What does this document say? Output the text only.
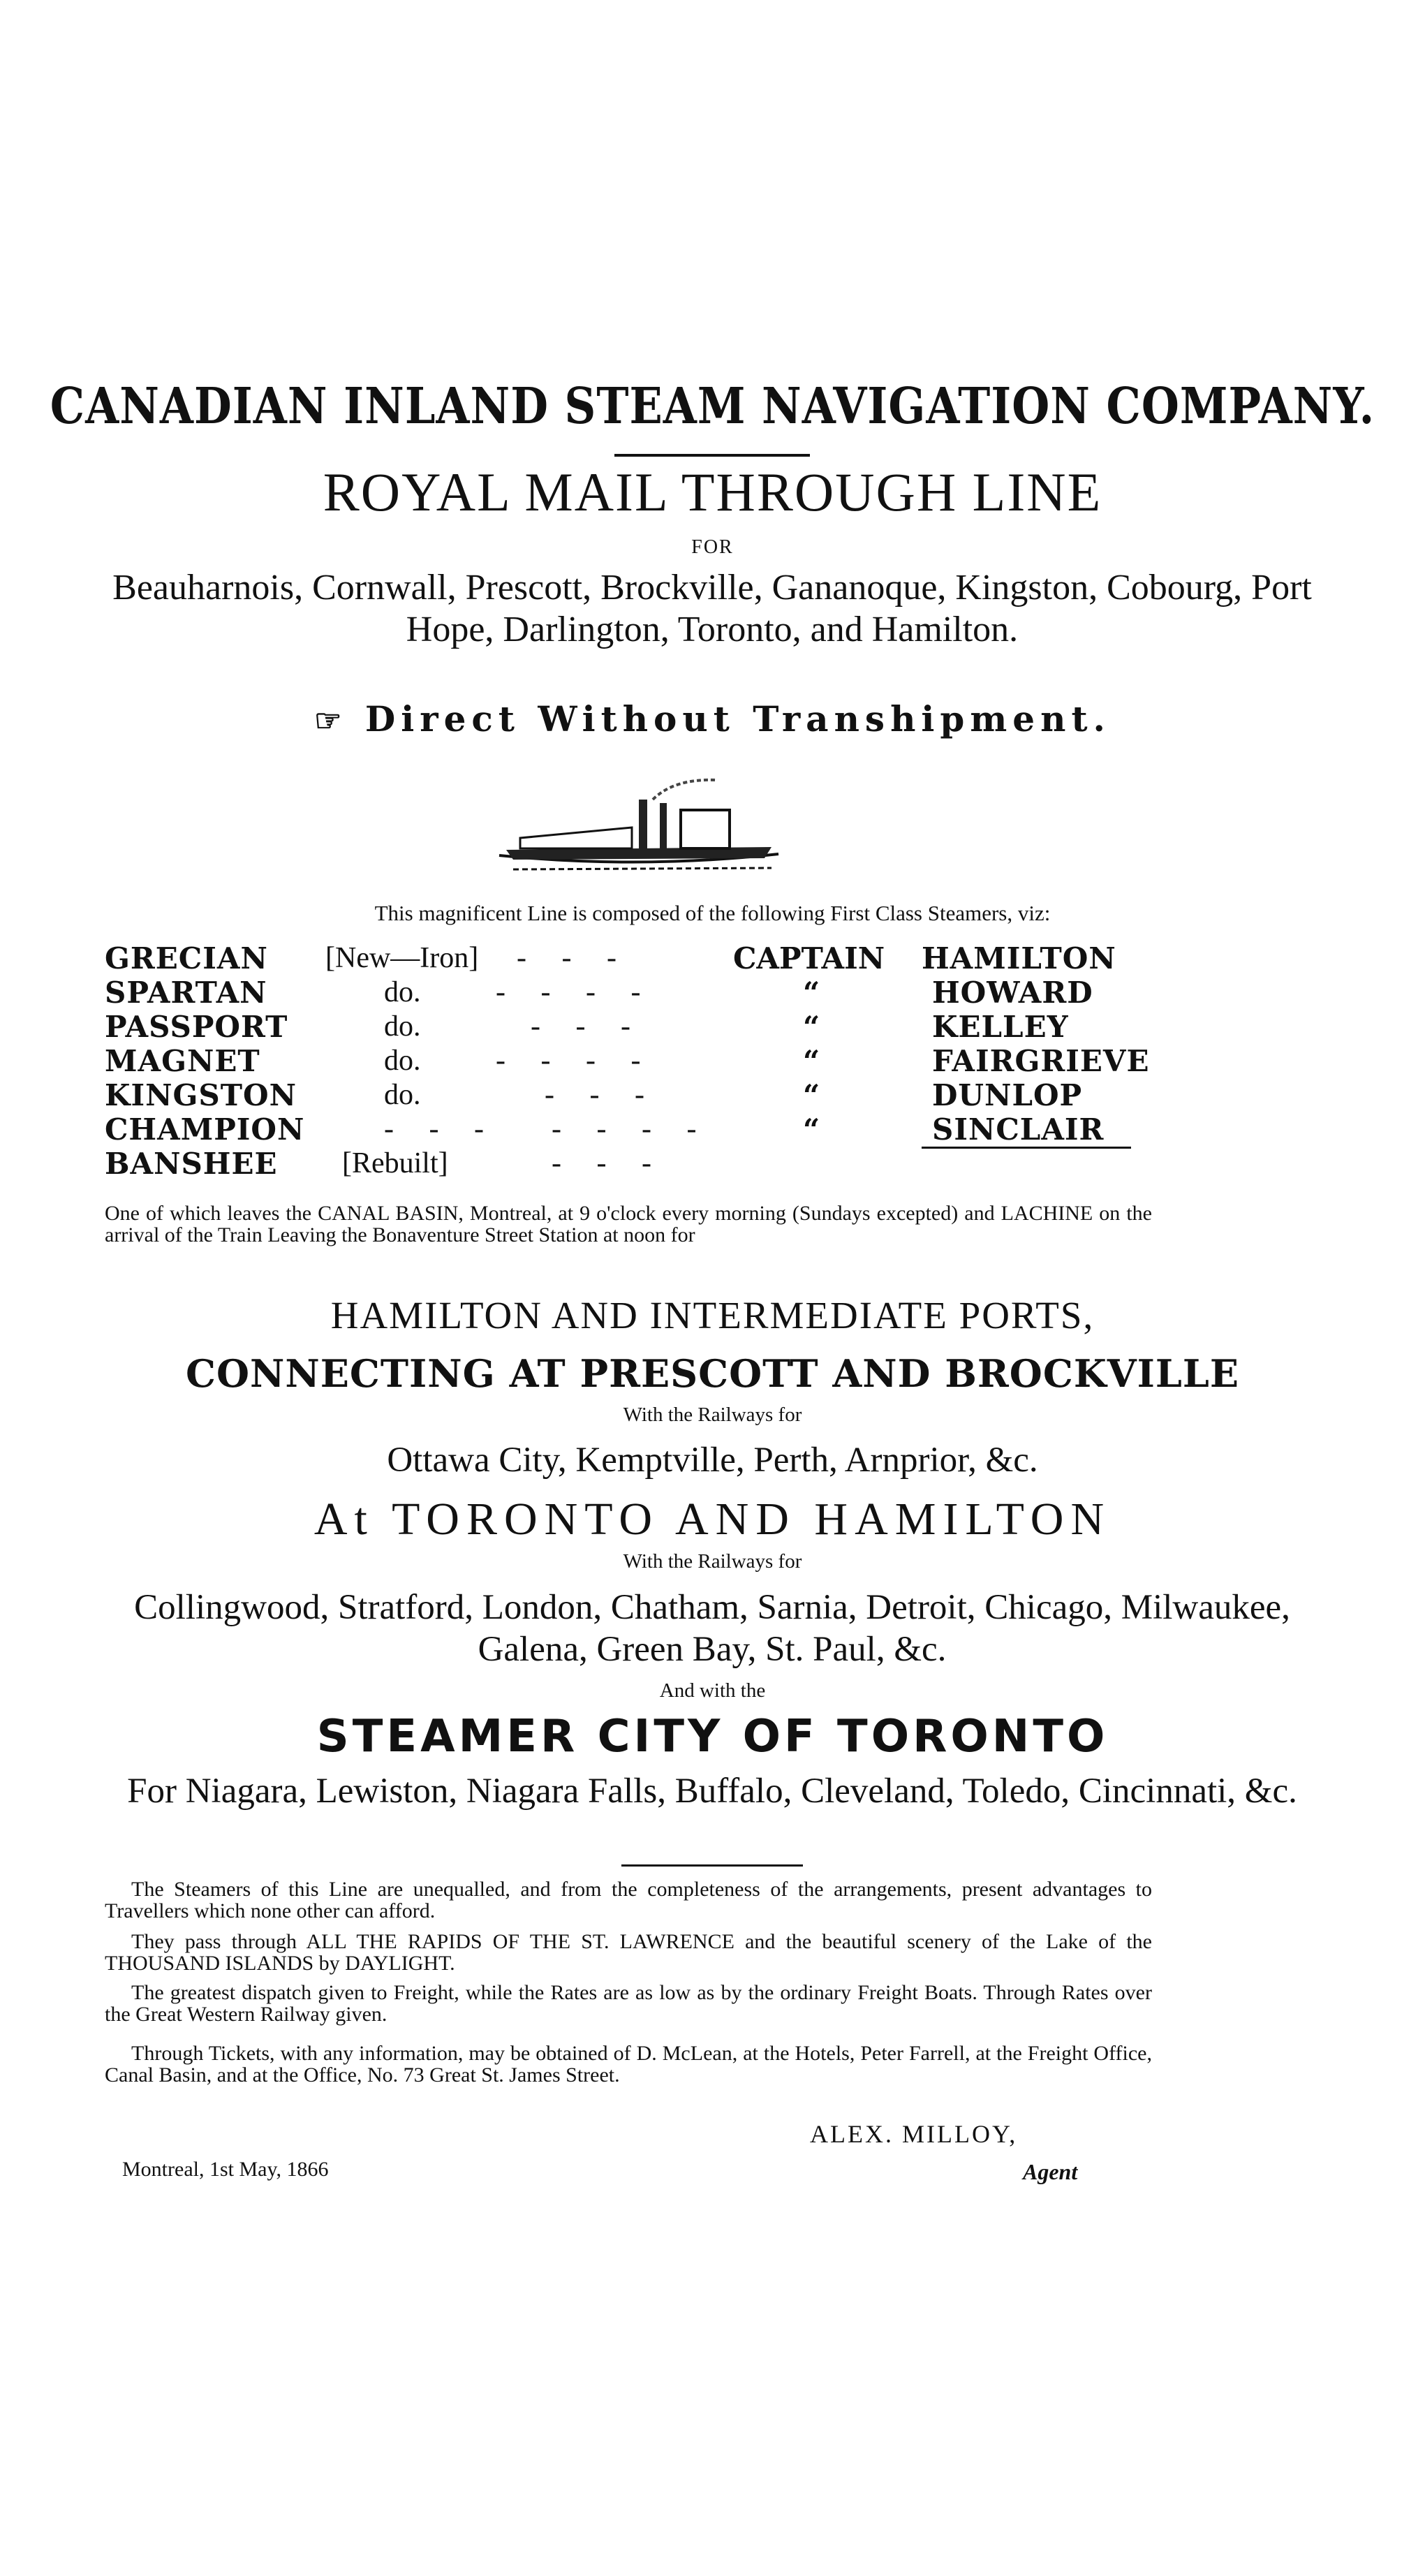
CANADIAN INLAND STEAM NAVIGATION COMPANY.
ROYAL MAIL THROUGH LINE
FOR
Beauharnois, Cornwall, Prescott, Brockville, Gananoque, Kingston, Cobourg, Port Hope, Darlington, Toronto, and Hamilton.
☞ Direct Without Transhipment.
This magnificent Line is composed of the following First Class Steamers, viz:
GRECIAN [New—Iron] - - -	CAPTAIN HAMILTON
SPARTAN	do.	- - - -	“	HOWARD
PASSPORT	do.	- - -	“	KELLEY
MAGNET	do.	- - - -	“	FAIRGRIEVE
KINGSTON	do.	- - -	“	DUNLOP
CHAMPION	- - - - - - -	“	SINCLAIR
BANSHEE [Rebuilt]	- - -
One of which leaves the CANAL BASIN, Montreal, at 9 o'clock every morning (Sundays excepted) and LACHINE on the arrival of the Train Leaving the Bonaventure Street Station at noon for
HAMILTON AND INTERMEDIATE PORTS,
CONNECTING AT PRESCOTT AND BROCKVILLE
With the Railways for
Ottawa City, Kemptville, Perth, Arnprior, &c.
At TORONTO AND HAMILTON
With the Railways for
Collingwood, Stratford, London, Chatham, Sarnia, Detroit, Chicago, Milwaukee, Galena, Green Bay, St. Paul, &c.
And with the
STEAMER CITY OF TORONTO
For Niagara, Lewiston, Niagara Falls, Buffalo, Cleveland, Toledo, Cincinnati, &c.
The Steamers of this Line are unequalled, and from the completeness of the arrangements, present advantages to Travellers which none other can afford.
They pass through ALL THE RAPIDS OF THE ST. LAWRENCE and the beautiful scenery of the Lake of the THOUSAND ISLANDS by DAYLIGHT.
The greatest dispatch given to Freight, while the Rates are as low as by the ordinary Freight Boats. Through Rates over the Great Western Railway given.
Through Tickets, with any information, may be obtained of D. McLean, at the Hotels, Peter Farrell, at the Freight Office, Canal Basin, and at the Office, No. 73 Great St. James Street.
ALEX. MILLOY,
Montreal, 1st May, 1866	Agent
